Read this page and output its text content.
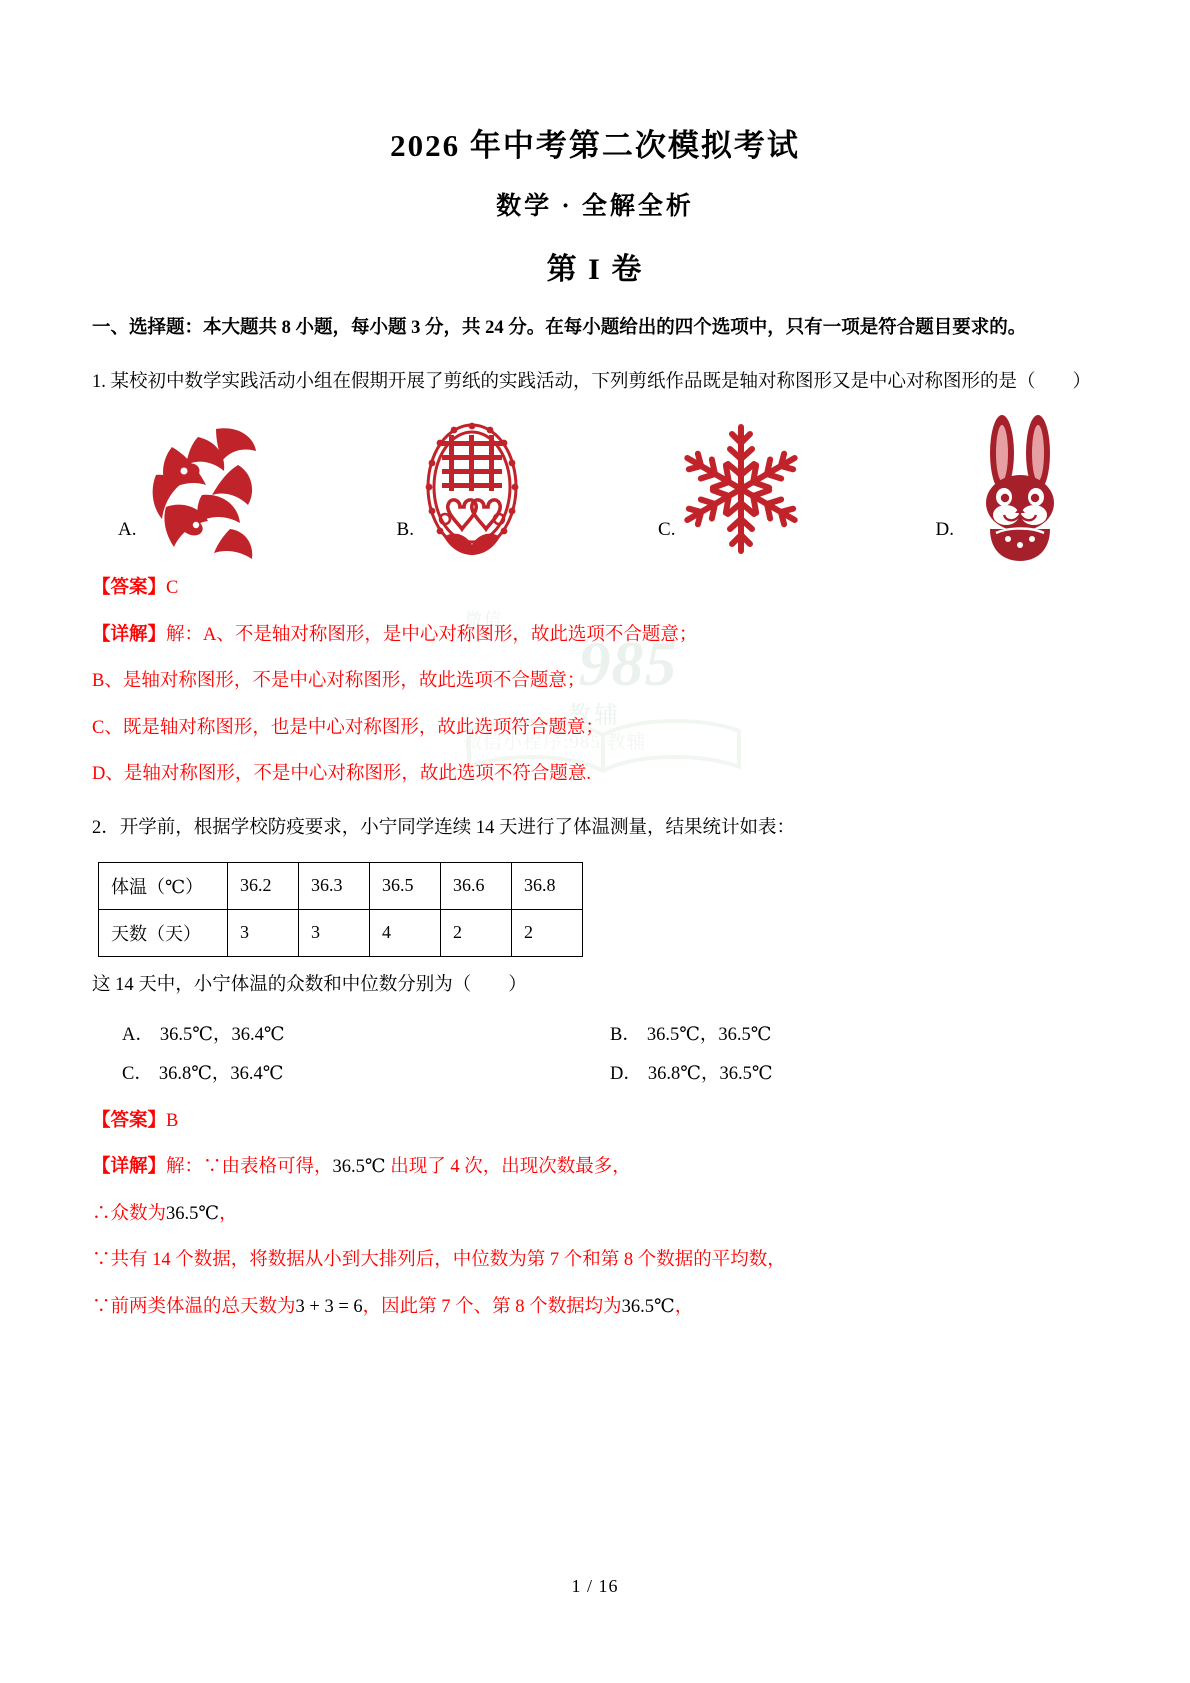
微信
985
教辅
微信小程序:985 教辅
2026 年中考第二次模拟考试
数学 · 全解全析
第 I 卷

一、选择题：本大题共 8 小题，每小题 3 分，共 24 分。在每小题给出的四个选项中，只有一项是符合题目要求的。

1. 某校初中数学实践活动小组在假期开展了剪纸的实践活动，下列剪纸作品既是轴对称图形又是中心对称图形的是（　　）

A.	B.	C.	D.

【答案】C

【详解】解：A、不是轴对称图形，是中心对称图形，故此选项不合题意；

B、是轴对称图形，不是中心对称图形，故此选项不合题意；

C、既是轴对称图形，也是中心对称图形，故此选项符合题意；

D、是轴对称图形，不是中心对称图形，故此选项不符合题意.

2．开学前，根据学校防疫要求，小宁同学连续 14 天进行了体温测量，结果统计如表：

体温（℃）	36.2	36.3	36.5	36.6	36.8
天数（天）	3	3	4	2	2

这 14 天中，小宁体温的众数和中位数分别为（　　）

A． 36.5℃，36.4℃	B． 36.5℃，36.5℃
C． 36.8℃，36.4℃	D． 36.8℃，36.5℃

【答案】B

【详解】解：∵由表格可得，36.5℃ 出现了 4 次，出现次数最多，

∴众数为36.5℃，

∵共有 14 个数据，将数据从小到大排列后，中位数为第 7 个和第 8 个数据的平均数，

∵前两类体温的总天数为3 + 3 = 6，因此第 7 个、第 8 个数据均为36.5℃，

1 / 16
